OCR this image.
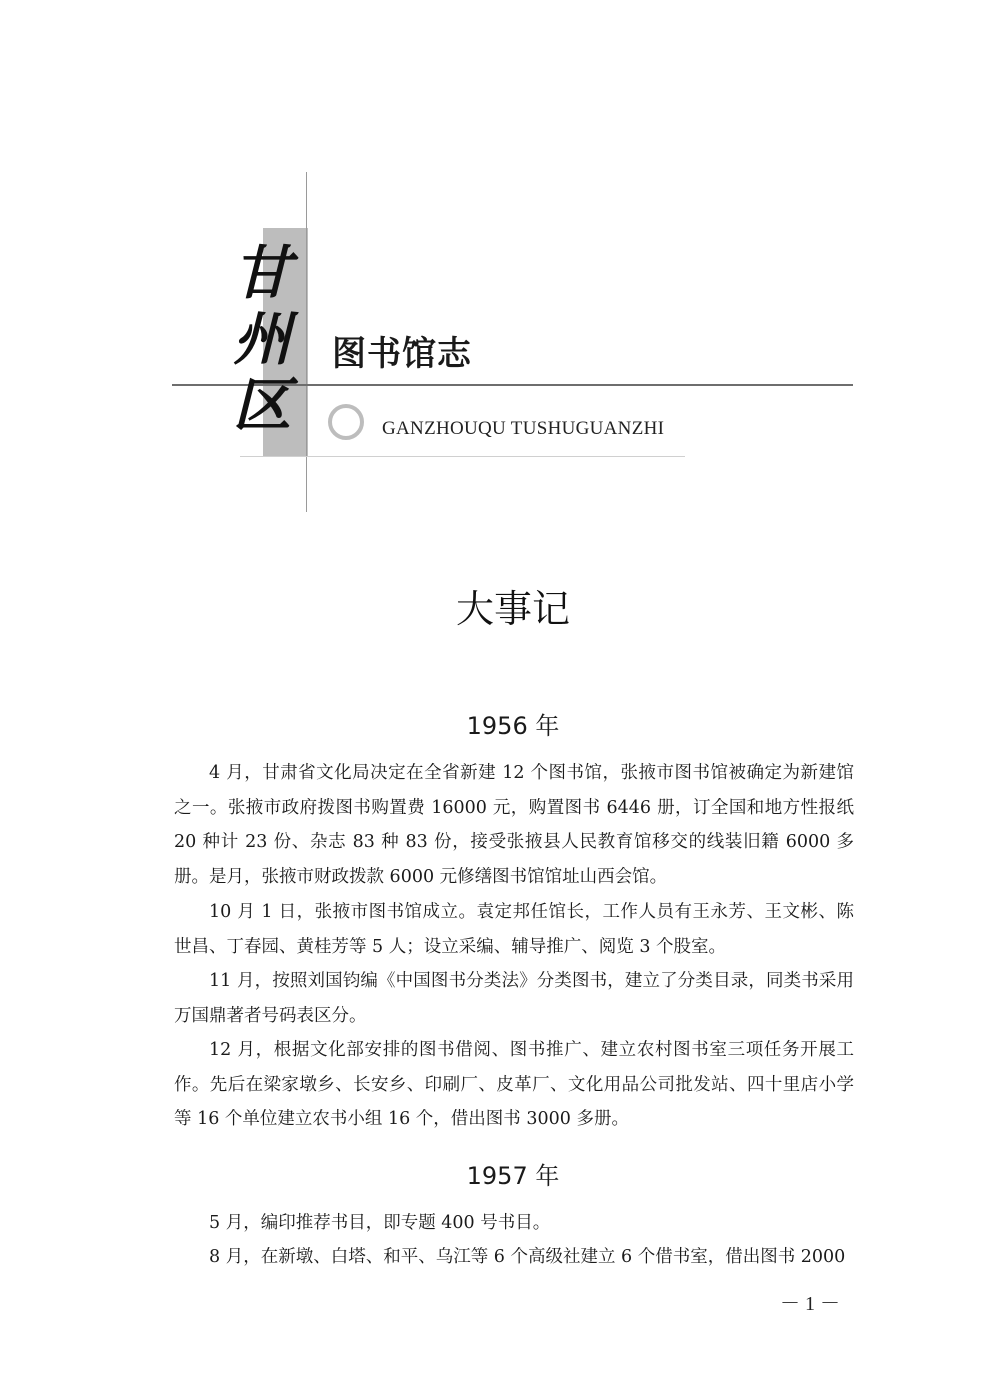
甘
州
区
图书馆志
GANZHOUQU TUSHUGUANZHI
大事记
1956 年
4 月，甘肃省文化局决定在全省新建 12 个图书馆，张掖市图书馆被确定为新建馆之一。张掖市政府拨图书购置费 16000 元，购置图书 6446 册，订全国和地方性报纸 20 种计 23 份、杂志 83 种 83 份，接受张掖县人民教育馆移交的线装旧籍 6000 多册。是月，张掖市财政拨款 6000 元修缮图书馆馆址山西会馆。
10 月 1 日，张掖市图书馆成立。袁定邦任馆长，工作人员有王永芳、王文彬、陈世昌、丁春园、黄桂芳等 5 人；设立采编、辅导推广、阅览 3 个股室。
11 月，按照刘国钧编《中国图书分类法》分类图书，建立了分类目录，同类书采用万国鼎著者号码表区分。
12 月，根据文化部安排的图书借阅、图书推广、建立农村图书室三项任务开展工作。先后在梁家墩乡、长安乡、印刷厂、皮革厂、文化用品公司批发站、四十里店小学等 16 个单位建立农书小组 16 个，借出图书 3000 多册。
1957 年
5 月，编印推荐书目，即专题 400 号书目。
8 月，在新墩、白塔、和平、乌江等 6 个高级社建立 6 个借书室，借出图书 2000
－ 1 －
